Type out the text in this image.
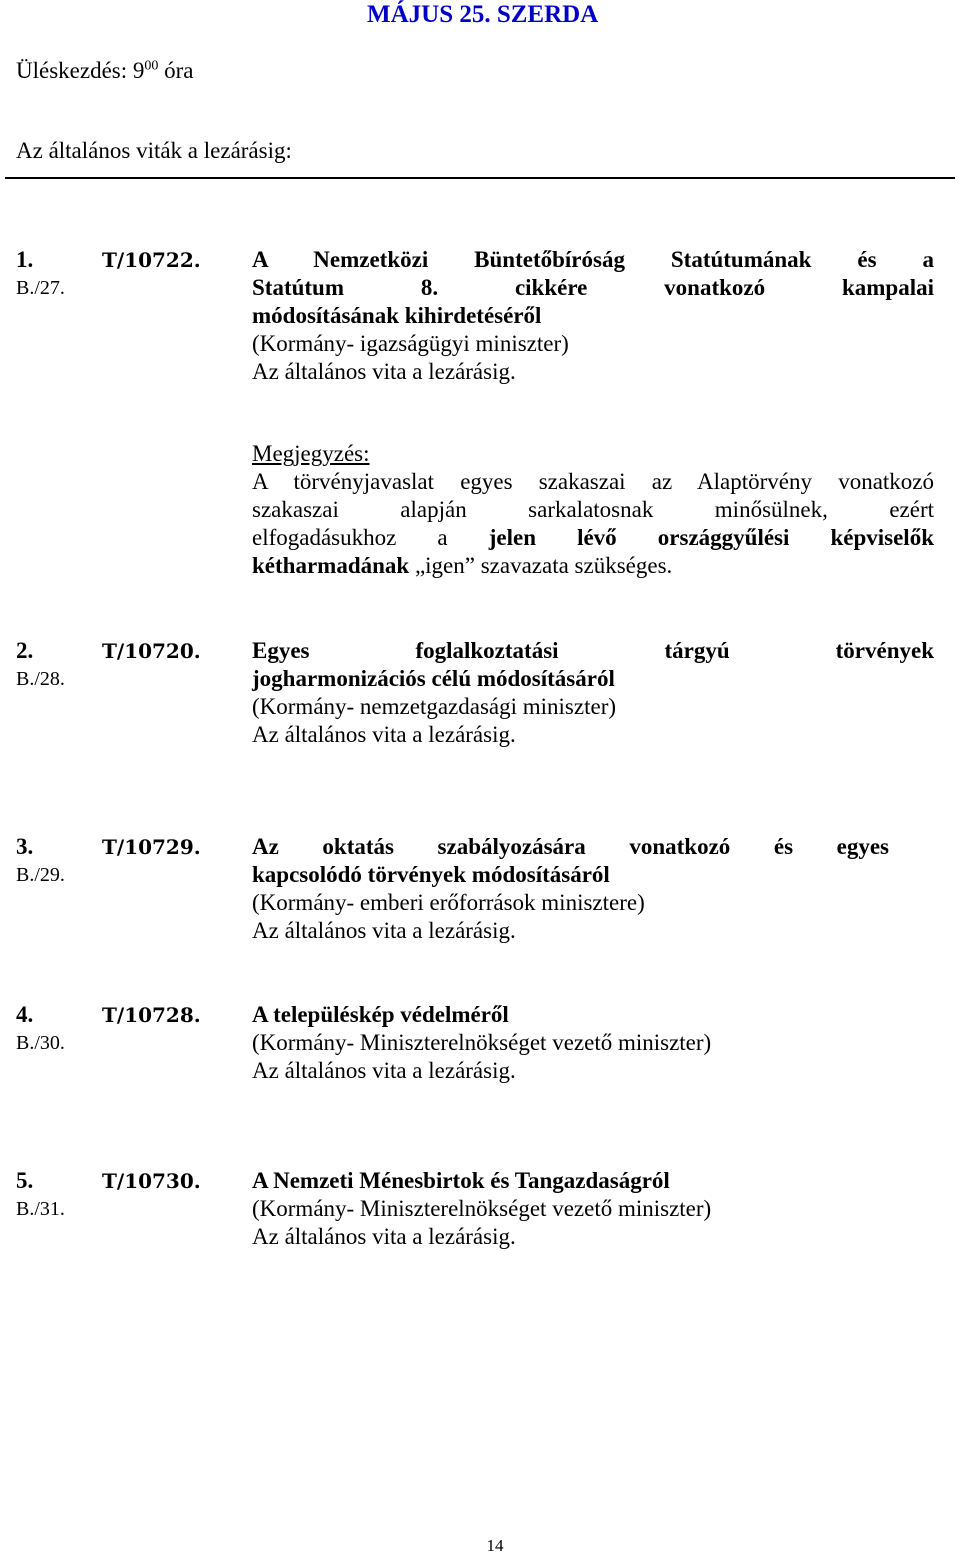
MÁJUS 25. SZERDA
Üléskezdés: $9^{00}$ óra
Az általános viták a lezárásig:
1.
B./27.
T/10722. A Nemzetközi Büntetőbíróság Statútumának és a
Statútum 8. cikkére vonatkozó kampalai
módosításának kihirdetéséről
(Kormány- igazságügyi miniszter)
Az általános vita a lezárásig.
Megjegyzés:
A törvényjavaslat egyes szakaszai az Alaptörvény vonatkozó
szakaszai alapján sarkalatosnak minősülnek, ezért
elfogadásukhoz a jelen lévő országgyűlési képviselők
kétharmadának „igen” szavazata szükséges.
2.
B./28.
T/10720. Egyes foglalkoztatási tárgyú törvények
jogharmonizációs célú módosításáról
(Kormány- nemzetgazdasági miniszter)
Az általános vita a lezárásig.
3.
B./29.
T/10729. Az oktatás szabályozására vonatkozó és egyes
kapcsolódó törvények módosításáról
(Kormány- emberi erőforrások minisztere)
Az általános vita a lezárásig.
4.
B./30.
T/10728. A településkép védelméről
(Kormány- Miniszterelnökséget vezető miniszter)
Az általános vita a lezárásig.
5.
B./31.
T/10730. A Nemzeti Ménesbirtok és Tangazdaságról
(Kormány- Miniszterelnökséget vezető miniszter)
Az általános vita a lezárásig.
14
